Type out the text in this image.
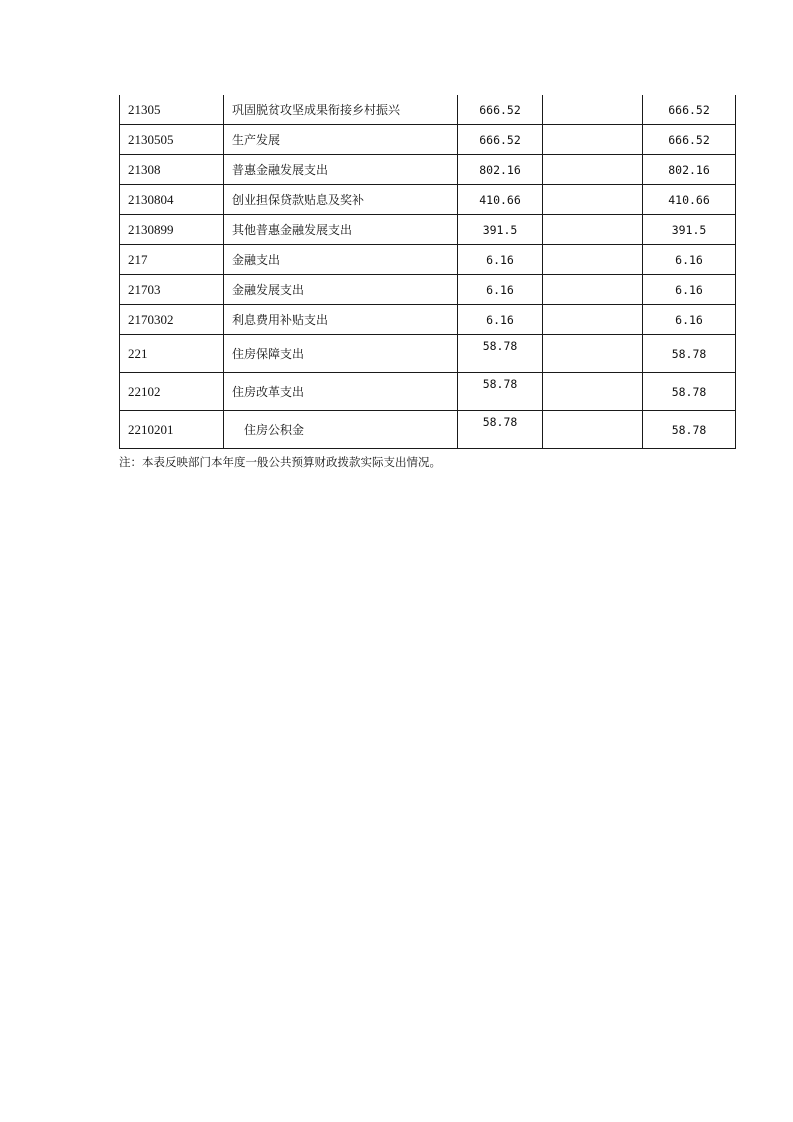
21305	巩固脱贫攻坚成果衔接乡村振兴	666.52		666.52
2130505	生产发展	666.52		666.52
21308	普惠金融发展支出	802.16		802.16
2130804	创业担保贷款贴息及奖补	410.66		410.66
2130899	其他普惠金融发展支出	391.5		391.5
217	金融支出	6.16		6.16
21703	金融发展支出	6.16		6.16
2170302	利息费用补贴支出	6.16		6.16
221	住房保障支出	58.78		58.78
22102	住房改革支出	58.78		58.78
2210201	住房公积金	58.78		58.78
注：本表反映部门本年度一般公共预算财政拨款实际支出情况。
